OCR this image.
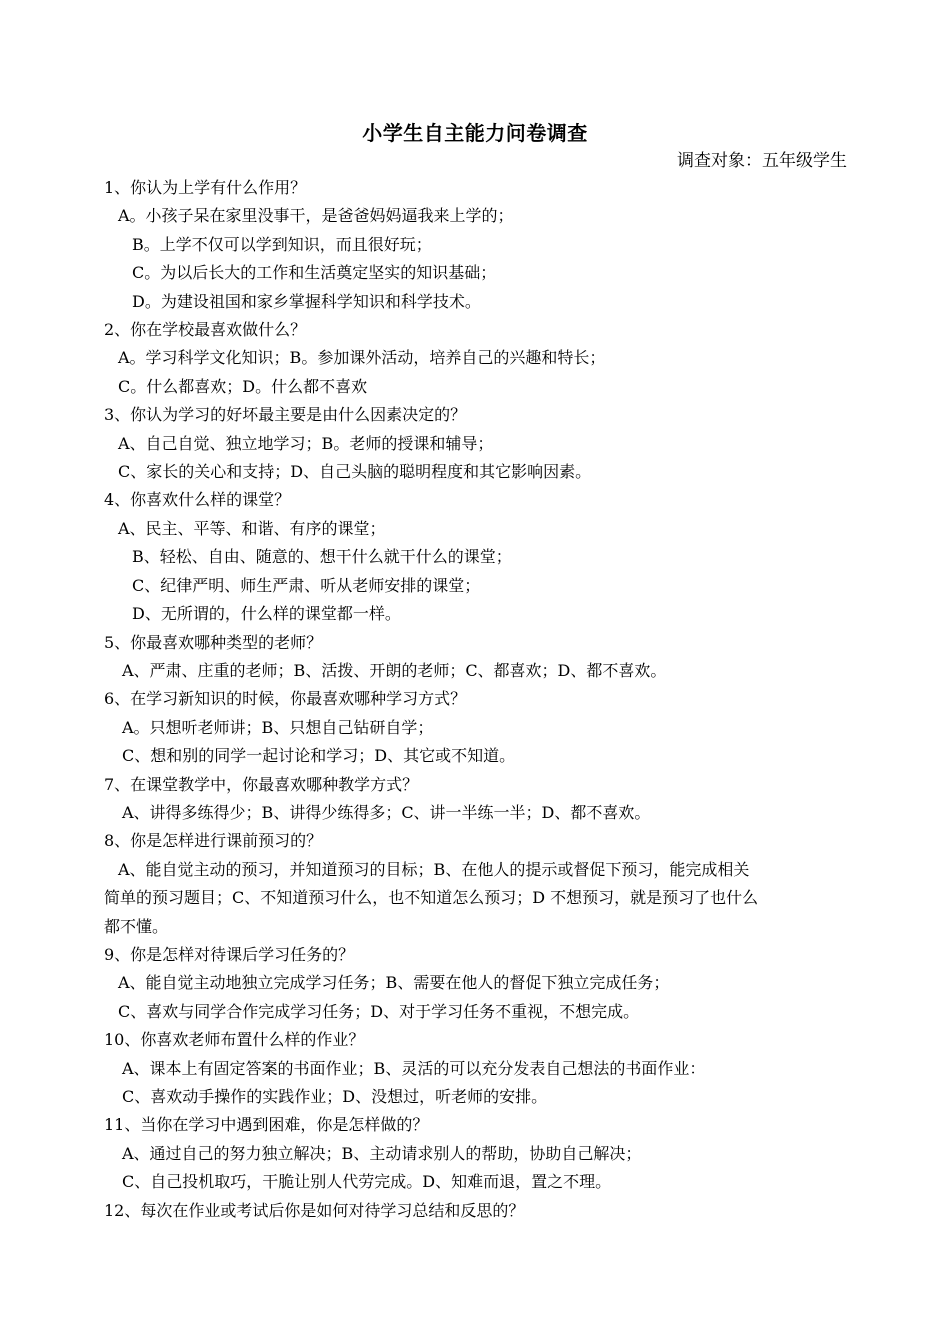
小学生自主能力问卷调查
调查对象：五年级学生
1、你认为上学有什么作用？
A。小孩子呆在家里没事干，是爸爸妈妈逼我来上学的；
B。上学不仅可以学到知识，而且很好玩；
C。为以后长大的工作和生活奠定坚实的知识基础；
D。为建设祖国和家乡掌握科学知识和科学技术。
2、你在学校最喜欢做什么？
A。学习科学文化知识；B。参加课外活动，培养自己的兴趣和特长；
C。什么都喜欢；D。什么都不喜欢
3、你认为学习的好坏最主要是由什么因素决定的？
A、自己自觉、独立地学习；B。老师的授课和辅导；
C、家长的关心和支持；D、自己头脑的聪明程度和其它影响因素。
4、你喜欢什么样的课堂？
A、民主、平等、和谐、有序的课堂；
B、轻松、自由、随意的、想干什么就干什么的课堂；
C、纪律严明、师生严肃、听从老师安排的课堂；
D、无所谓的，什么样的课堂都一样。
5、你最喜欢哪种类型的老师？
A、严肃、庄重的老师；B、活拨、开朗的老师；C、都喜欢；D、都不喜欢。
6、在学习新知识的时候，你最喜欢哪种学习方式？
A。只想听老师讲；B、只想自己钻研自学；
C、想和别的同学一起讨论和学习；D、其它或不知道。
7、在课堂教学中，你最喜欢哪种教学方式？
A、讲得多练得少；B、讲得少练得多；C、讲一半练一半；D、都不喜欢。
8、你是怎样进行课前预习的？
A、能自觉主动的预习，并知道预习的目标；B、在他人的提示或督促下预习，能完成相关
简单的预习题目；C、不知道预习什么，也不知道怎么预习；D 不想预习，就是预习了也什么
都不懂。
9、你是怎样对待课后学习任务的？
A、能自觉主动地独立完成学习任务；B、需要在他人的督促下独立完成任务；
C、喜欢与同学合作完成学习任务；D、对于学习任务不重视，不想完成。
10、你喜欢老师布置什么样的作业？
A、课本上有固定答案的书面作业；B、灵活的可以充分发表自己想法的书面作业：
C、喜欢动手操作的实践作业；D、没想过，听老师的安排。
11、当你在学习中遇到困难，你是怎样做的？
A、通过自己的努力独立解决；B、主动请求别人的帮助，协助自己解决；
C、自己投机取巧，干脆让别人代劳完成。D、知难而退，置之不理。
12、每次在作业或考试后你是如何对待学习总结和反思的？
